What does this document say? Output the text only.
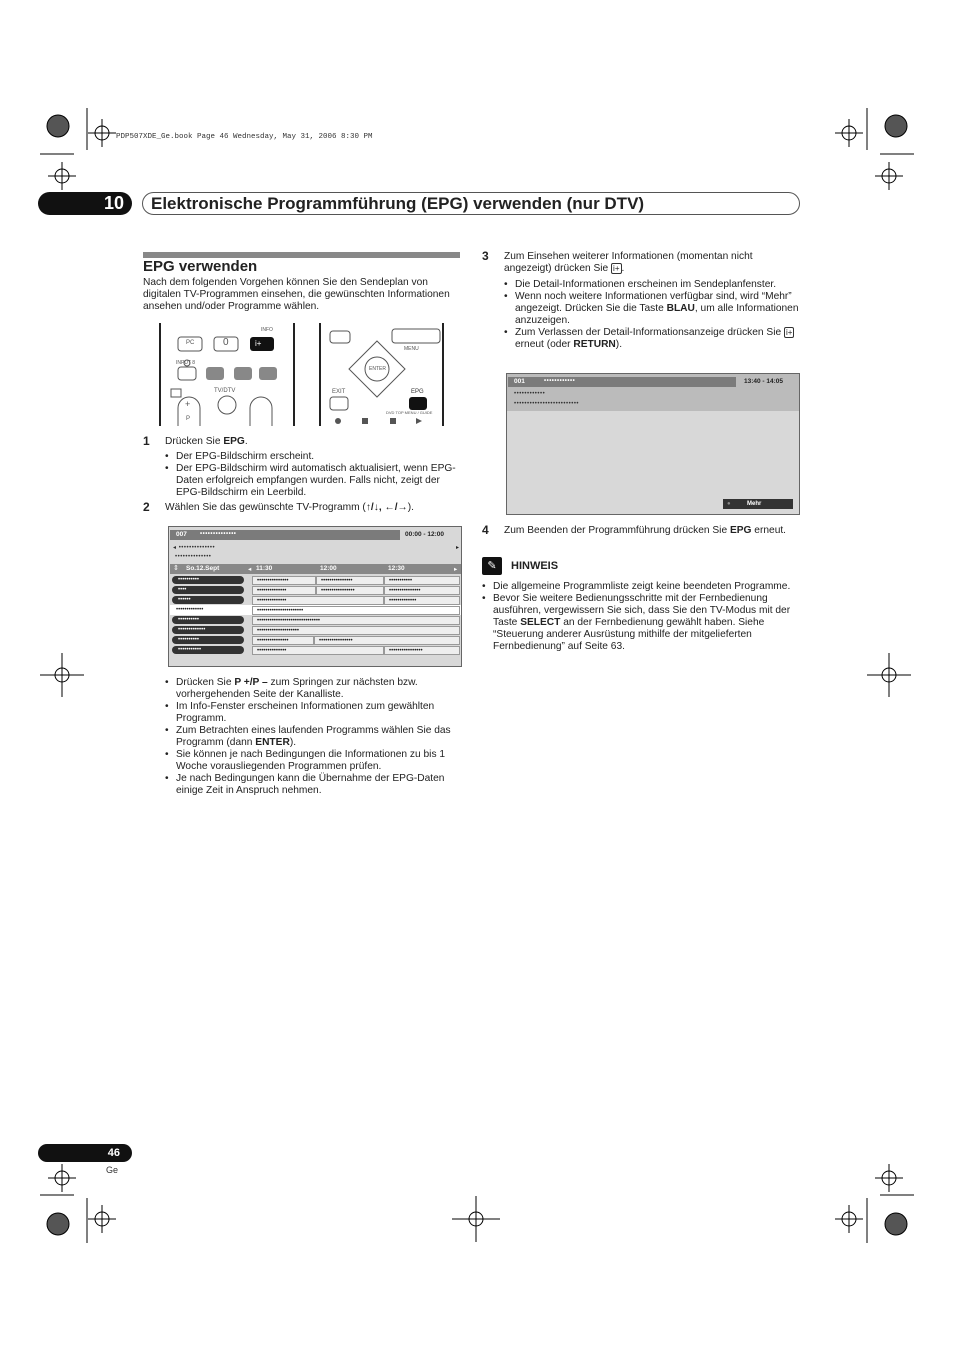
PDP507XDE_Ge.book Page 46 Wednesday, May 31, 2006 8:30 PM
10	Elektronische Programmführung (EPG) verwenden (nur DTV)
EPG verwenden
Nach dem folgenden Vorgehen können Sie den Sendeplan von digitalen TV-Programmen einsehen, die gewünschten Informationen ansehen und/oder Programme wählen.
PC	0
INFO
i+
INPUT 8
TV/DTV
+
P
MENU
ENTER
EXIT	EPG
DVD TOP MENU / GUIDE
1 Drücken Sie EPG.
• Der EPG-Bildschirm erscheint.
• Der EPG-Bildschirm wird automatisch aktualisiert, wenn EPG-Daten erfolgreich empfangen wurden. Falls nicht, zeigt der EPG-Bildschirm ein Leerbild.
2 Wählen Sie das gewünschte TV-Programm (↑/↓, ←/→).
007 ••••••••••••••	00:00 - 12:00
◂ ••••••••••••••	▸
••••••••••••••
⇕ So.12.Sept	◂ 11:30	12:00	12:30	▸
••••••••••	•••••••••••••••	•••••••••••••••	•••••••••••
••••	••••••••••••••	••••••••••••••••	•••••••••••••••
••••••	••••••••••••••	•••••••••••••
•••••••••••••	••••••••••••••••••••••
••••••••••	••••••••••••••••••••••••••••••
•••••••••••••	••••••••••••••••••••
••••••••••	•••••••••••••••	••••••••••••••••
•••••••••••	••••••••••••••	••••••••••••••••
• Drücken Sie P +/P – zum Springen zur nächsten bzw. vorhergehenden Seite der Kanalliste.
• Im Info-Fenster erscheinen Informationen zum gewählten Programm.
• Zum Betrachten eines laufenden Programms wählen Sie das Programm (dann ENTER).
• Sie können je nach Bedingungen die Informationen zu bis 1 Woche vorausliegenden Programmen prüfen.
• Je nach Bedingungen kann die Übernahme der EPG-Daten einige Zeit in Anspruch nehmen.
3 Zum Einsehen weiterer Informationen (momentan nicht angezeigt) drücken Sie i+ .
• Die Detail-Informationen erscheinen im Sendeplanfenster.
• Wenn noch weitere Informationen verfügbar sind, wird “Mehr” angezeigt. Drücken Sie die Taste BLAU, um alle Informationen anzuzeigen.
• Zum Verlassen der Detail-Informationsanzeige drücken Sie i+ erneut (oder RETURN).
001	••••••••••••	13:40 - 14:05
••••••••••••
•••••••••••••••••••••••••
●	Mehr
4 Zum Beenden der Programmführung drücken Sie EPG erneut.
✎	HINWEIS
• Die allgemeine Programmliste zeigt keine beendeten Programme.
• Bevor Sie weitere Bedienungsschritte mit der Fernbedienung ausführen, vergewissern Sie sich, dass Sie den TV-Modus mit der Taste SELECT an der Fernbedienung gewählt haben. Siehe “Steuerung anderer Ausrüstung mithilfe der mitgelieferten Fernbedienung” auf Seite 63.
46
Ge
